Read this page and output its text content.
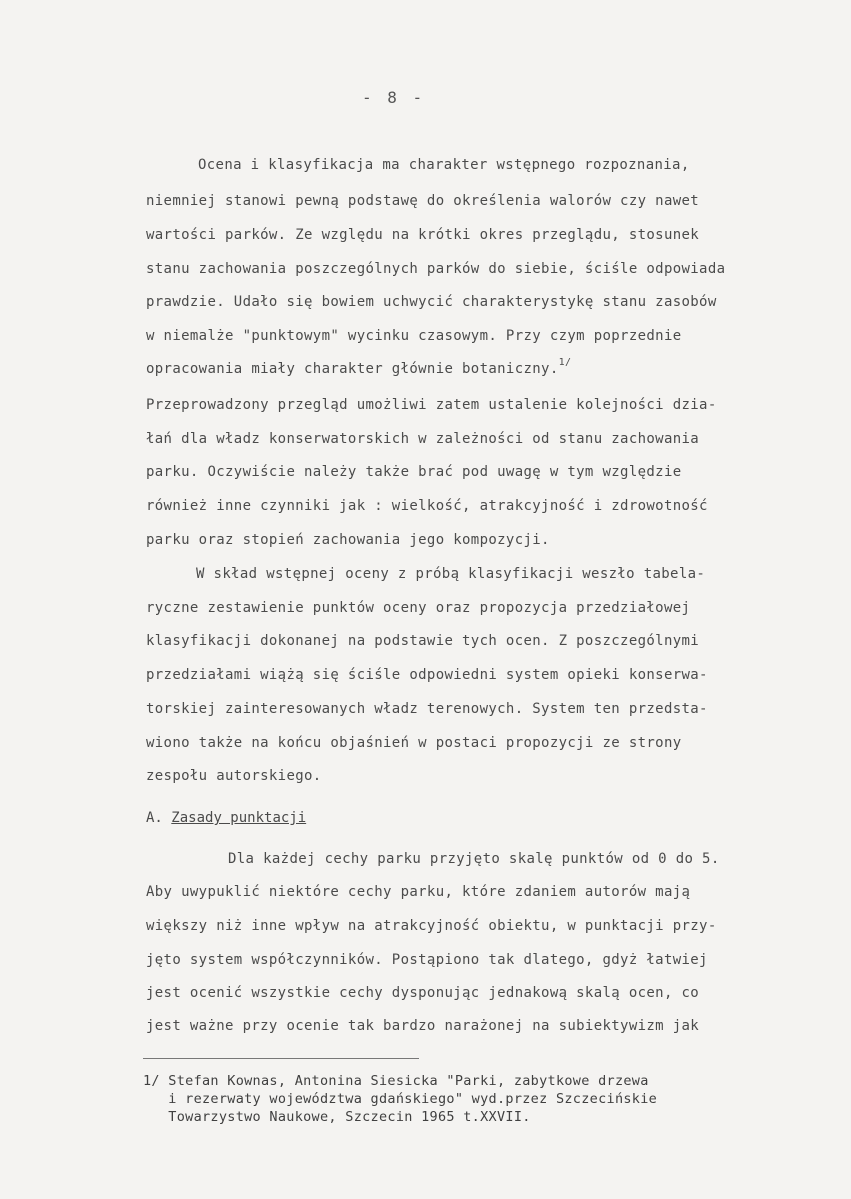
- 8 -
Ocena i klasyfikacja ma charakter wstępnego rozpoznania,
niemniej stanowi pewną podstawę do określenia walorów czy nawet
wartości parków. Ze względu na krótki okres przeglądu, stosunek
stanu zachowania poszczególnych parków do siebie, ściśle odpowiada
prawdzie. Udało się bowiem uchwycić charakterystykę stanu zasobów
w niemalże "punktowym" wycinku czasowym. Przy czym poprzednie
opracowania miały charakter głównie botaniczny.$^{1/}$
Przeprowadzony przegląd umożliwi zatem ustalenie kolejności dzia-
łań dla władz konserwatorskich w zależności od stanu zachowania
parku. Oczywiście należy także brać pod uwagę w tym względzie
również inne czynniki jak : wielkość, atrakcyjność i zdrowotność
parku oraz stopień zachowania jego kompozycji.
W skład wstępnej oceny z próbą klasyfikacji weszło tabela-
ryczne zestawienie punktów oceny oraz propozycja przedziałowej
klasyfikacji dokonanej na podstawie tych ocen. Z poszczególnymi
przedziałami wiążą się ściśle odpowiedni system opieki konserwa-
torskiej zainteresowanych władz terenowych. System ten przedsta-
wiono także na końcu objaśnień w postaci propozycji ze strony
zespołu autorskiego.
A. Zasady punktacji
Dla każdej cechy parku przyjęto skalę punktów od 0 do 5.
Aby uwypuklić niektóre cechy parku, które zdaniem autorów mają
większy niż inne wpływ na atrakcyjność obiektu, w punktacji przy-
jęto system współczynników. Postąpiono tak dlatego, gdyż łatwiej
jest ocenić wszystkie cechy dysponując jednakową skalą ocen, co
jest ważne przy ocenie tak bardzo narażonej na subiektywizm jak
1/ Stefan Kownas, Antonina Siesicka "Parki, zabytkowe drzewa
i rezerwaty województwa gdańskiego" wyd.przez Szczecińskie
Towarzystwo Naukowe, Szczecin 1965 t.XXVII.
